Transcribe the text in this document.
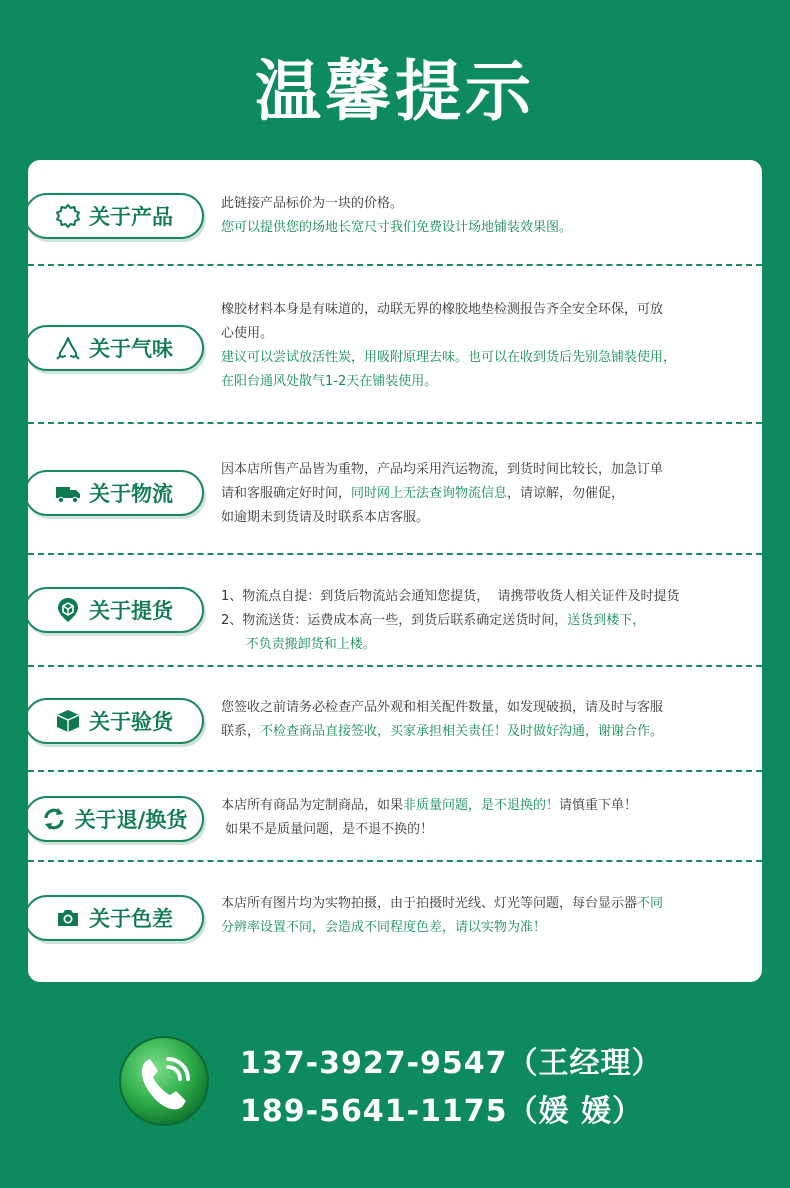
温馨提示
关于产品
此链接产品标价为一块的价格。
您可以提供您的场地长宽尺寸我们免费设计场地铺装效果图。
关于气味
橡胶材料本身是有味道的，动联无界的橡胶地垫检测报告齐全安全环保，可放
心使用。
建议可以尝试放活性炭，用吸附原理去味。也可以在收到货后先别急铺装使用，
在阳台通风处散气1-2天在铺装使用。
关于物流
因本店所售产品皆为重物，产品均采用汽运物流，到货时间比较长，加急订单
请和客服确定好时间，同时网上无法查询物流信息，请谅解，勿催促，
如逾期未到货请及时联系本店客服。
关于提货
1、物流点自提：到货后物流站会通知您提货，  请携带收货人相关证件及时提货
2、物流送货：运费成本高一些，到货后联系确定送货时间，送货到楼下，
不负责搬卸货和上楼。
关于验货
您签收之前请务必检查产品外观和相关配件数量，如发现破损，请及时与客服
联系，不检查商品直接签收，买家承担相关责任！及时做好沟通，谢谢合作。
关于退/换货
本店所有商品为定制商品，如果非质量问题，是不退换的！请慎重下单！
如果不是质量问题，是不退不换的！
关于色差
本店所有图片均为实物拍摄，由于拍摄时光线、灯光等问题，每台显示器不同
分辨率设置不同，会造成不同程度色差，请以实物为准！
137-3927-9547（王经理）
189-5641-1175（媛 媛）
